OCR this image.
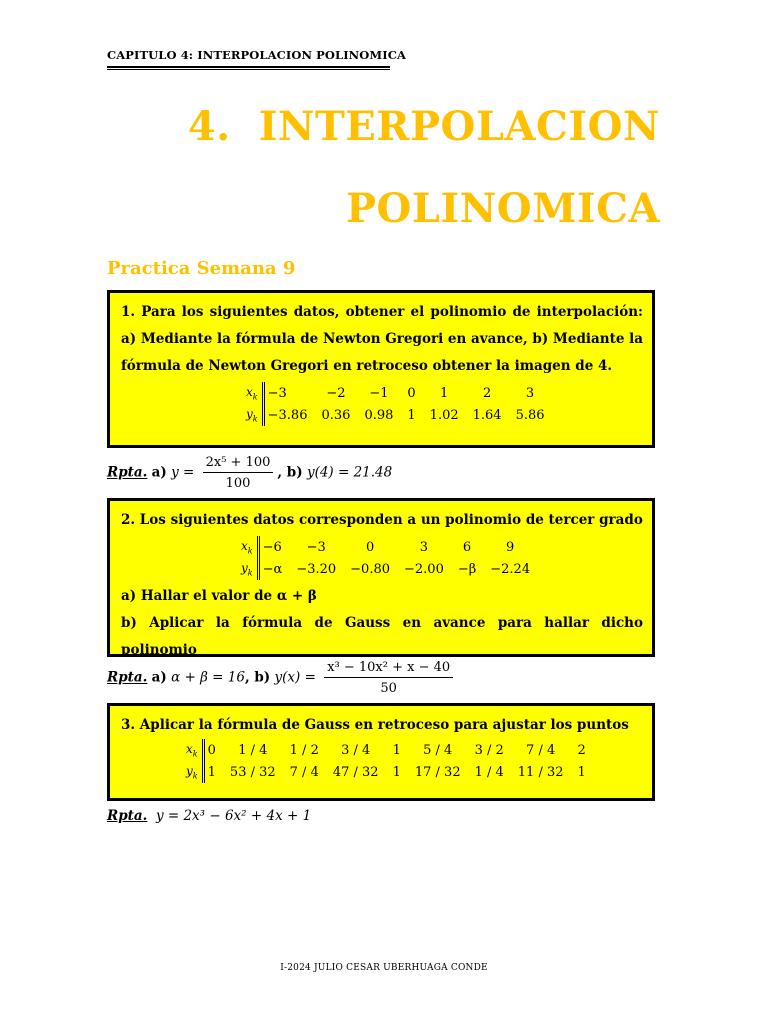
CAPITULO 4: INTERPOLACION POLINOMICA
4. INTERPOLACION
POLINOMICA
Practica Semana 9

1. Para los siguientes datos, obtener el polinomio de interpolación: a) Mediante la fórmula de Newton Gregori en avance, b) Mediante la fórmula de Newton Gregori en retroceso obtener la imagen de 4.

$x_k$	−3	−2	−1	0	1	2	3
$y_k$	−3.86	0.36	0.98	1	1.02	1.64	5.86
Rpta. a) $y = \frac{\text{2x⁵ + 100}}{100}$ , b) y(4) = 21.48

2. Los siguientes datos corresponden a un polinomio de tercer grado

$x_k$	−6	−3	0	3	6	9
$y_k$	−α	−3.20	−0.80	−2.00	−β	−2.24

a) Hallar el valor de α + β

b) Aplicar la fórmula de Gauss en avance para hallar dicho polinomio

Rpta. a) α + β = 16, b) $y(x) = \frac{\text{x³ − 10x² + x − 40}}{50}$

3. Aplicar la fórmula de Gauss en retroceso para ajustar los puntos

$x_k$	0	1 / 4	1 / 2	3 / 4	1	5 / 4	3 / 2	7 / 4	2
$y_k$	1	53 / 32	7 / 4	47 / 32	1	17 / 32	1 / 4	11 / 32	1
Rpta. y = 2x³ − 6x² + 4x + 1
I-2024 JULIO CESAR UBERHUAGA CONDE
